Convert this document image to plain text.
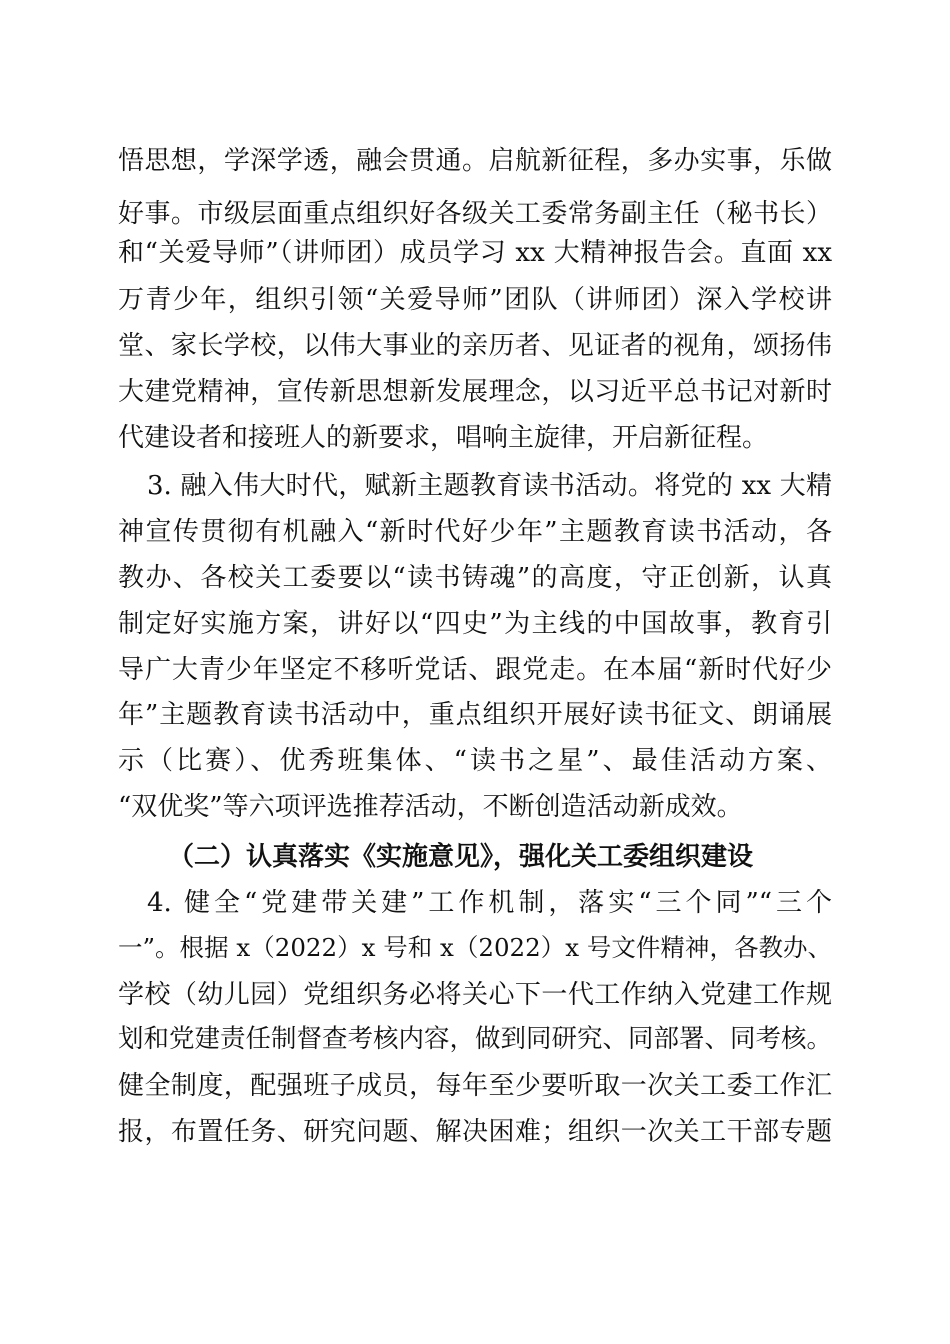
悟思想，学深学透，融会贯通。启航新征程，多办实事，乐做
好事。市级层面重点组织好各级关工委常务副主任（秘书长）
和“关爱导师”（讲师团）成员学习 xx 大精神报告会。直面 xx
万青少年，组织引领“关爱导师”团队（讲师团）深入学校讲
堂、家长学校，以伟大事业的亲历者、见证者的视角，颂扬伟
大建党精神，宣传新思想新发展理念，以习近平总书记对新时
代建设者和接班人的新要求，唱响主旋律，开启新征程。
3. 融入伟大时代，赋新主题教育读书活动。将党的 xx 大精
神宣传贯彻有机融入“新时代好少年”主题教育读书活动，各
教办、各校关工委要以“读书铸魂”的高度，守正创新，认真
制定好实施方案，讲好以“四史”为主线的中国故事，教育引
导广大青少年坚定不移听党话、跟党走。在本届“新时代好少
年”主题教育读书活动中，重点组织开展好读书征文、朗诵展
示（比赛）、优秀班集体、“读书之星”、最佳活动方案、
“双优奖”等六项评选推荐活动，不断创造活动新成效。
（二）认真落实《实施意见》，强化关工委组织建设
4. 健全“党建带关建”工作机制，落实“三个同”“三个
一”。根据 x（2022）x 号和 x（2022）x 号文件精神，各教办、
学校（幼儿园）党组织务必将关心下一代工作纳入党建工作规
划和党建责任制督查考核内容，做到同研究、同部署、同考核。
健全制度，配强班子成员，每年至少要听取一次关工委工作汇
报，布置任务、研究问题、解决困难；组织一次关工干部专题
